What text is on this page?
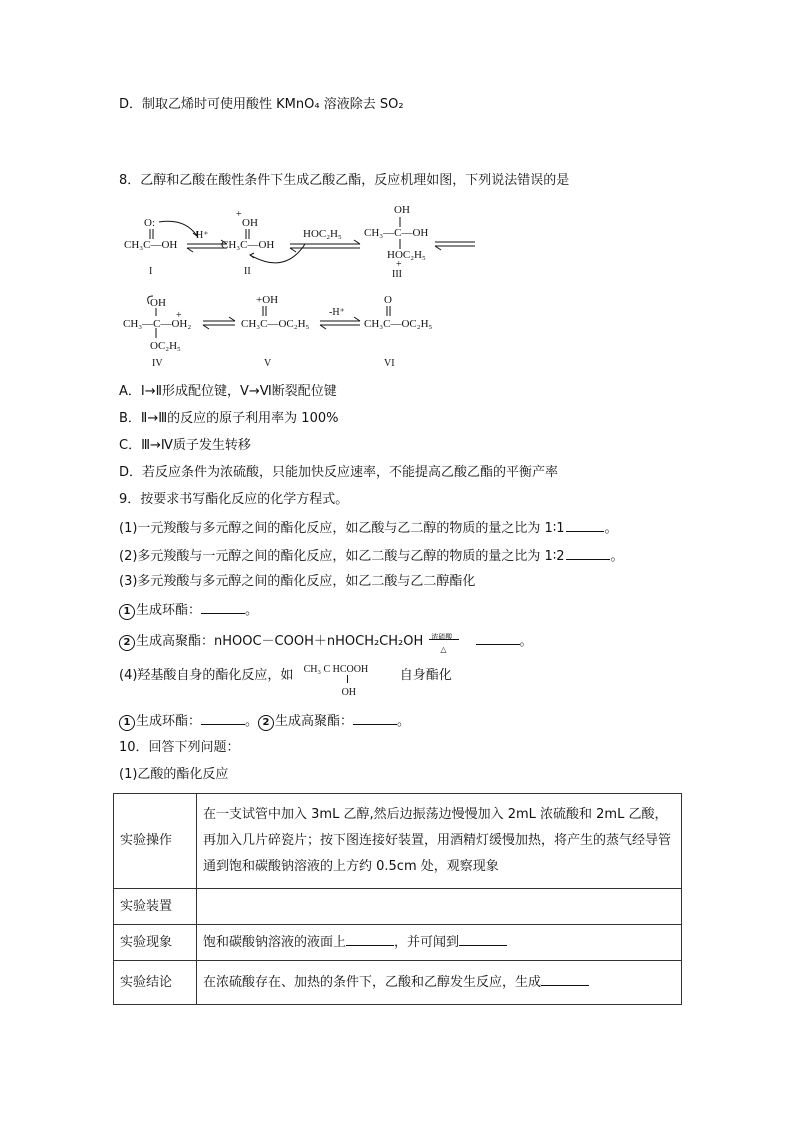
D．制取乙烯时可使用酸性 KMnO₄ 溶液除去 SO₂
8．乙醇和乙酸在酸性条件下生成乙酸乙酯，反应机理如图，下列说法错误的是
O:
CH₃C—OH
I
H⁺
+
OH
CH₃C—OH
II
HOC₂H₅
OH
CH₃—C—OH
HOC₂H₅
+
III
OH
CH₃—C—OH₂
+
OC₂H₅
IV
+OH
CH₃C—OC₂H₅
V
-H⁺
O
CH₃C—OC₂H₅
VI
A．Ⅰ→Ⅱ形成配位键，Ⅴ→Ⅵ断裂配位键
B．Ⅱ→Ⅲ的反应的原子利用率为 100%
C．Ⅲ→Ⅳ质子发生转移
D．若反应条件为浓硫酸，只能加快反应速率，不能提高乙酸乙酯的平衡产率
9．按要求书写酯化反应的化学方程式。
(1)一元羧酸与多元醇之间的酯化反应，如乙酸与乙二醇的物质的量之比为 1∶1	。
(2)多元羧酸与一元醇之间的酯化反应，如乙二酸与乙醇的物质的量之比为 1∶2	。
(3)多元羧酸与多元醇之间的酯化反应，如乙二酸与乙二醇酯化
1 生成环酯：	。
2 生成高聚酯：nHOOC－COOH＋nHOCH₂CH₂OH 浓硫酸
△	。
(4)羟基酸自身的酯化反应，如 CH₃ C HCOOH
OH
自身酯化
1 生成环酯：	。 2 生成高聚酯：	。
10．回答下列问题：
(1)乙酸的酯化反应
实验操作	在一支试管中加入 3mL 乙醇,然后边振荡边慢慢加入 2mL 浓硫酸和 2mL 乙酸，再加入几片碎瓷片；按下图连接好装置，用酒精灯缓慢加热，将产生的蒸气经导管通到饱和碳酸钠溶液的上方约 0.5cm 处，观察现象
实验装置	
实验现象	饱和碳酸钠溶液的液面上 ，并可闻到
实验结论	在浓硫酸存在、加热的条件下，乙酸和乙醇发生反应，生成
